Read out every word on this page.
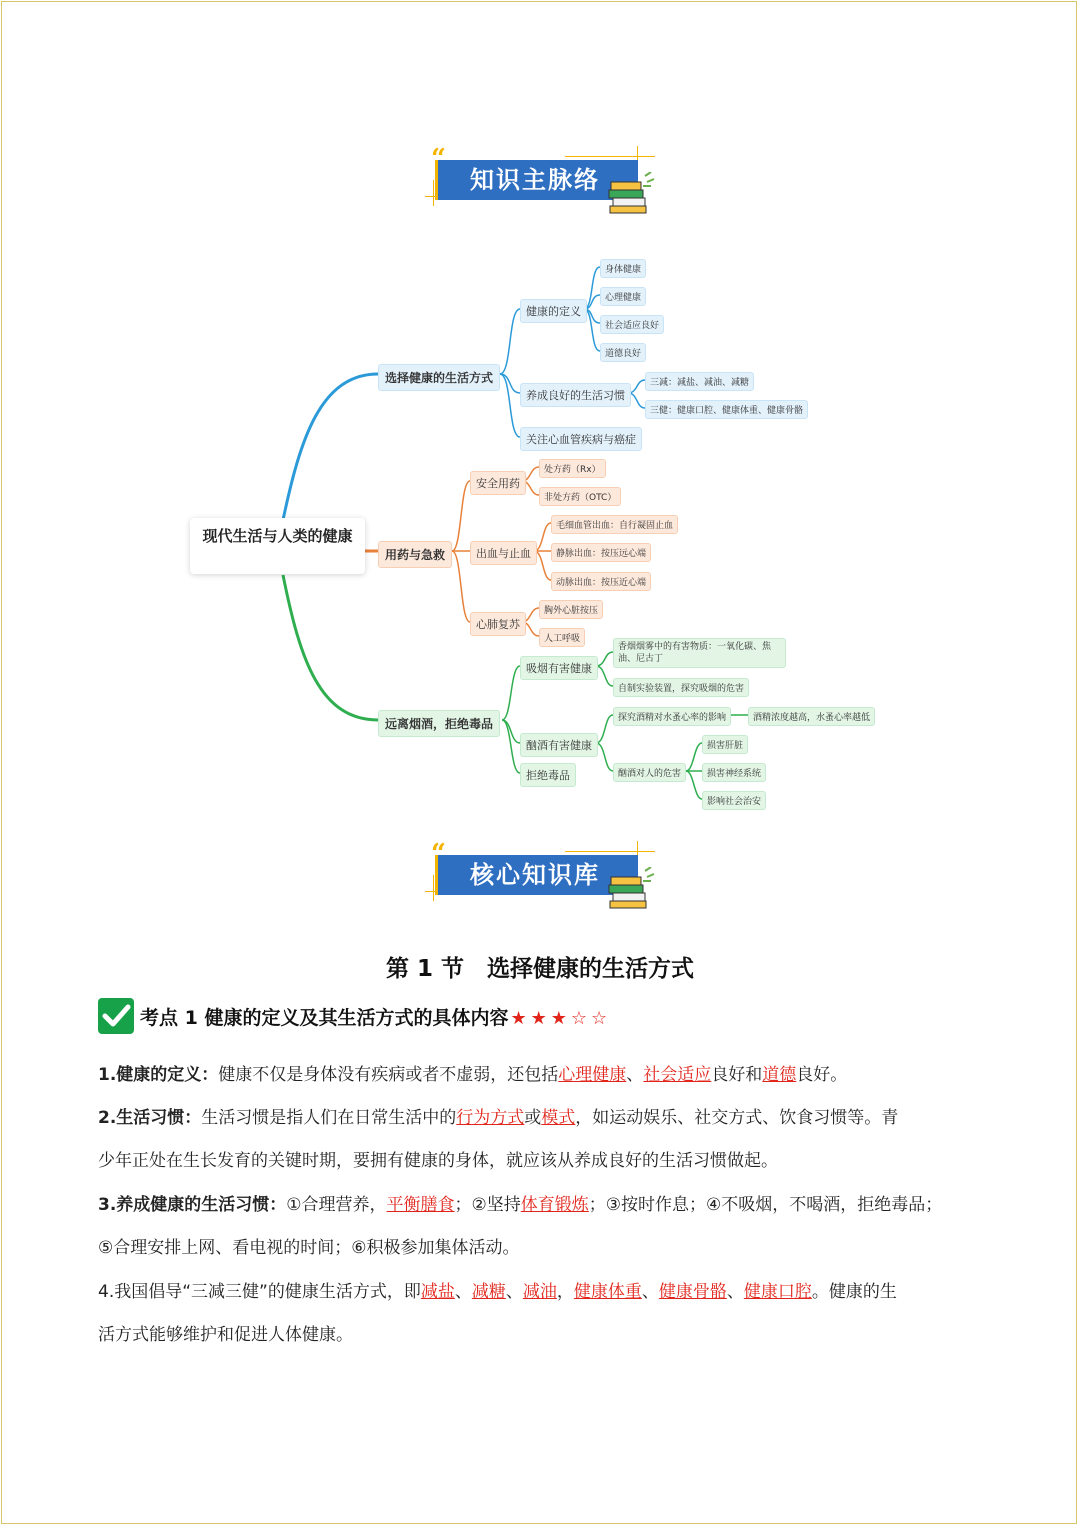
“
知识主脉络
现代生活与人类的健康
选择健康的生活方式
健康的定义
身体健康
心理健康
社会适应良好
道德良好
养成良好的生活习惯
三减：减盐、减油、减糖
三健：健康口腔、健康体重、健康骨骼
关注心血管疾病与癌症
用药与急救
安全用药
处方药（Rx）
非处方药（OTC）
出血与止血
毛细血管出血：自行凝固止血
静脉出血：按压远心端
动脉出血：按压近心端
心肺复苏
胸外心脏按压
人工呼吸
远离烟酒，拒绝毒品
吸烟有害健康
香烟烟雾中的有害物质：一氧化碳、焦油、尼古丁
自制实验装置，探究吸烟的危害
酗酒有害健康
探究酒精对水蚤心率的影响	酒精浓度越高，水蚤心率越低
酗酒对人的危害
损害肝脏
损害神经系统
影响社会治安
拒绝毒品
“
核心知识库
第 1 节　选择健康的生活方式
考点 1 健康的定义及其生活方式的具体内容 ★★★☆☆
1.健康的定义：健康不仅是身体没有疾病或者不虚弱，还包括心理健康、社会适应良好和道德良好。
2.生活习惯：生活习惯是指人们在日常生活中的行为方式或模式，如运动娱乐、社交方式、饮食习惯等。青
少年正处在生长发育的关键时期，要拥有健康的身体，就应该从养成良好的生活习惯做起。
3.养成健康的生活习惯：①合理营养，平衡膳食；②坚持体育锻炼；③按时作息；④不吸烟，不喝酒，拒绝毒品；
⑤合理安排上网、看电视的时间；⑥积极参加集体活动。
4.我国倡导“三减三健”的健康生活方式，即减盐、减糖、减油，健康体重、健康骨骼、健康口腔。健康的生
活方式能够维护和促进人体健康。
